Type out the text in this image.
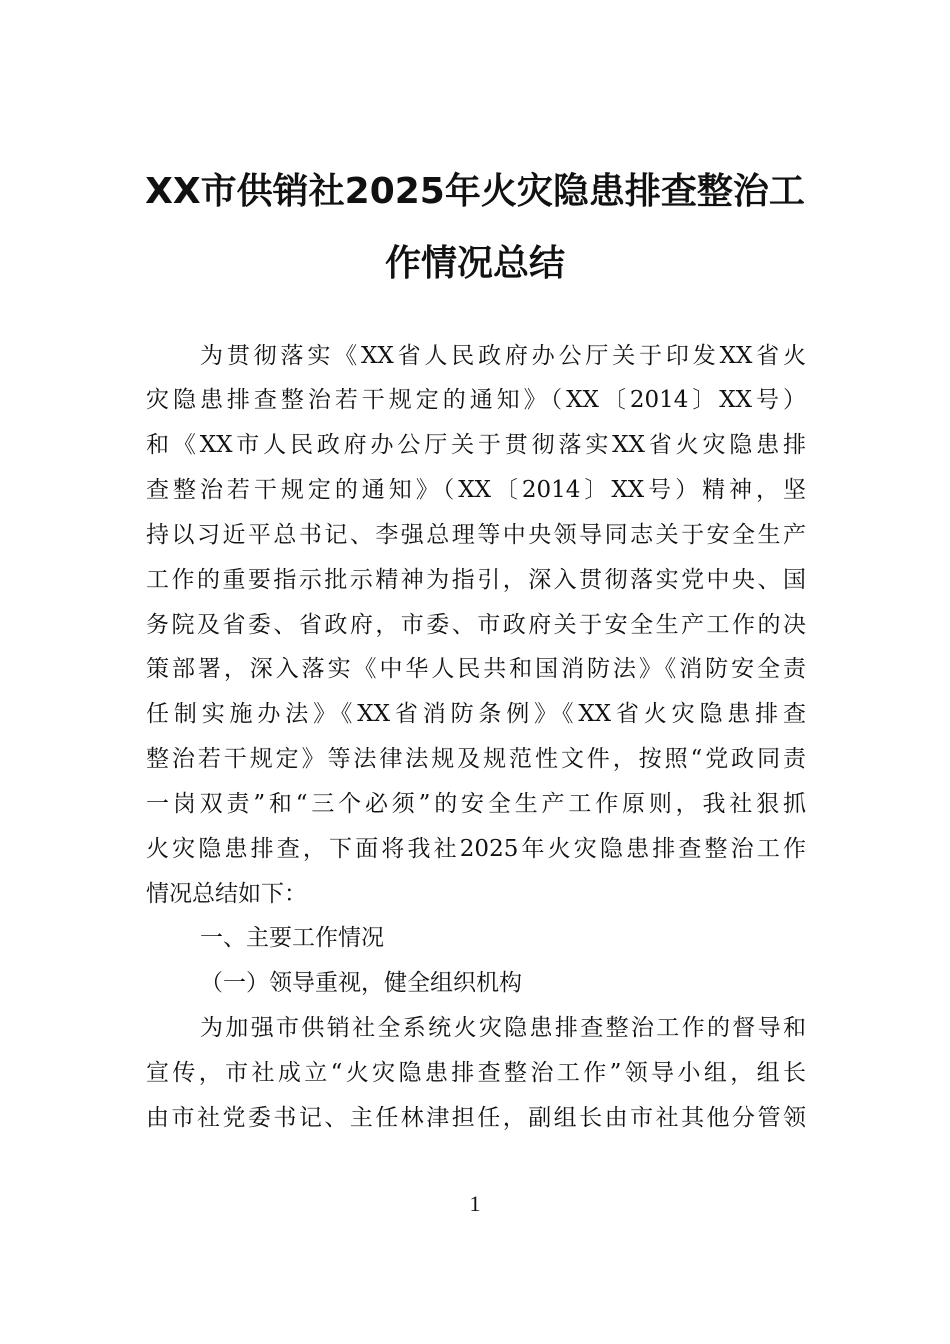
XX市供销社2025年火灾隐患排查整治工
作情况总结
为贯彻落实《XX省人民政府办公厅关于印发XX省火
灾隐患排查整治若干规定的通知》（XX〔2014〕XX号）
和《XX市人民政府办公厅关于贯彻落实XX省火灾隐患排
查整治若干规定的通知》（XX〔2014〕XX号）精神，坚
持以习近平总书记、李强总理等中央领导同志关于安全生产
工作的重要指示批示精神为指引，深入贯彻落实党中央、国
务院及省委、省政府，市委、市政府关于安全生产工作的决
策部署，深入落实《中华人民共和国消防法》《消防安全责
任制实施办法》《XX省消防条例》《XX省火灾隐患排查
整治若干规定》等法律法规及规范性文件，按照“党政同责
一岗双责”和“三个必须”的安全生产工作原则，我社狠抓
火灾隐患排查，下面将我社2025年火灾隐患排查整治工作
情况总结如下：
一、主要工作情况
（一）领导重视，健全组织机构
为加强市供销社全系统火灾隐患排查整治工作的督导和
宣传，市社成立“火灾隐患排查整治工作”领导小组，组长
由市社党委书记、主任林津担任，副组长由市社其他分管领
1
